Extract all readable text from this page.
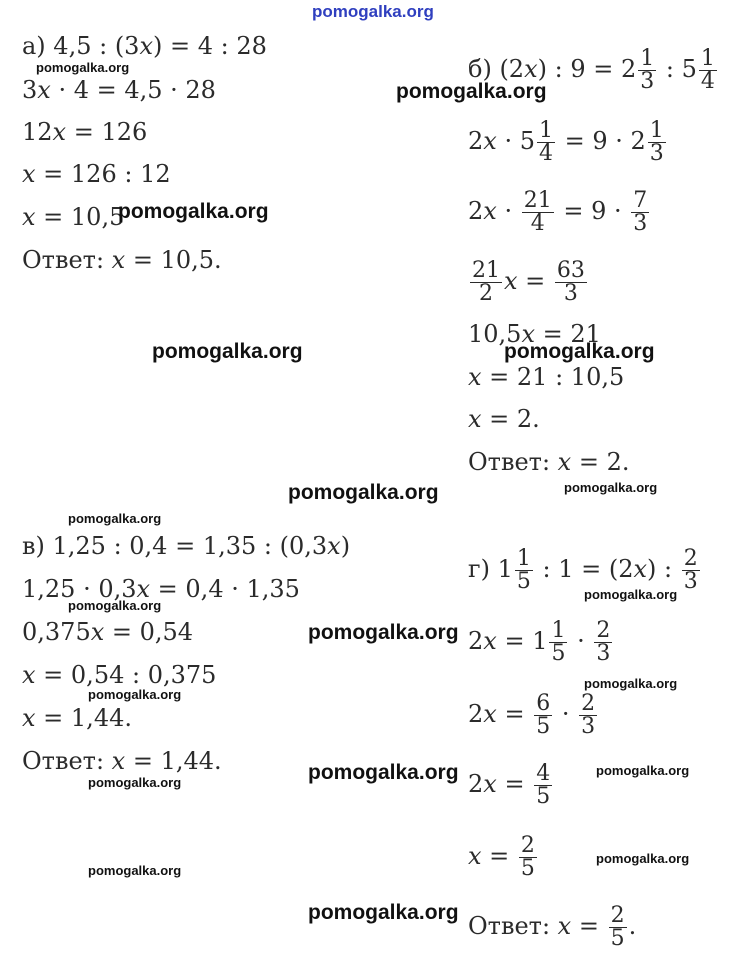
pomogalka.org
а) 4,5 : (3x) = 4 : 28
3x · 4 = 4,5 · 28
12x = 126
x = 126 : 12
x = 10,5
Ответ: x = 10,5.
б) (2x) : $9 = 2 \frac{1}{3}$ : $5 \frac{1}{4}$
$2x \cdot 5 \frac{1}{4} = 9 \cdot 2 \frac{1}{3}$
$2x \cdot \frac{21}{4} = 9 \cdot \frac{7}{3}$
$\frac{21}{2}$ $x = \frac{63}{3}$
10,5x = 21
x = 21 : 10,5
x = 2.
Ответ: x = 2.
в) 1,25 : 0,4 = 1,35 : (0,3x)
1,25 · 0,3x = 0,4 · 1,35
0,375x = 0,54
x = 0,54 : 0,375
x = 1,44.
Ответ: x = 1,44.
г) $1 \frac{1}{5}$ : 1 = (2x) : $\frac{2}{3}$
$2x = 1 \frac{1}{5} \cdot \frac{2}{3}$
$2x = \frac{6}{5} \cdot \frac{2}{3}$
$2x = \frac{4}{5}$
$x = \frac{2}{5}$
Ответ: $x = \frac{2}{5}$ .
pomogalka.org
pomogalka.org
pomogalka.org
pomogalka.org	pomogalka.org
pomogalka.org	pomogalka.org
pomogalka.org
pomogalka.org
pomogalka.org
pomogalka.org
pomogalka.org
pomogalka.org
pomogalka.org	pomogalka.org
pomogalka.org
pomogalka.org
pomogalka.org
pomogalka.org
